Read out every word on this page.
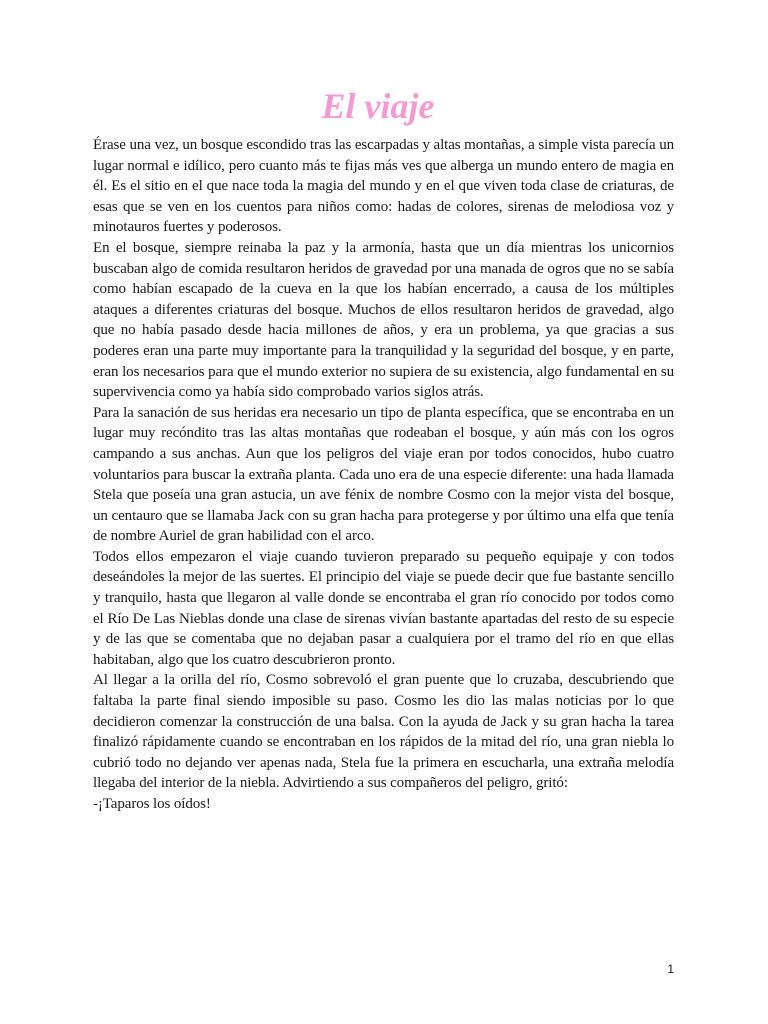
El viaje

Érase una vez, un bosque escondido tras las escarpadas y altas montañas, a simple vista parecía un lugar normal e idílico, pero cuanto más te fijas más ves que alberga un mundo entero de magia en él. Es el sitio en el que nace toda la magia del mundo y en el que viven toda clase de criaturas, de esas que se ven en los cuentos para niños como: hadas de colores, sirenas de melodiosa voz y minotauros fuertes y poderosos.

En el bosque, siempre reinaba la paz y la armonía, hasta que un día mientras los unicornios buscaban algo de comida resultaron heridos de gravedad por una manada de ogros que no se sabía como habían escapado de la cueva en la que los habían encerrado, a causa de los múltiples ataques a diferentes criaturas del bosque. Muchos de ellos resultaron heridos de gravedad, algo que no había pasado desde hacia millones de años, y era un problema, ya que gracias a sus poderes eran una parte muy importante para la tranquilidad y la seguridad del bosque, y en parte, eran los necesarios para que el mundo exterior no supiera de su existencia, algo fundamental en su supervivencia como ya había sido comprobado varios siglos atrás.

Para la sanación de sus heridas era necesario un tipo de planta específica, que se encontraba en un lugar muy recóndito tras las altas montañas que rodeaban el bosque, y aún más con los ogros campando a sus anchas. Aun que los peligros del viaje eran por todos conocidos, hubo cuatro voluntarios para buscar la extraña planta. Cada uno era de una especie diferente: una hada llamada Stela que poseía una gran astucia, un ave fénix de nombre Cosmo con la mejor vista del bosque, un centauro que se llamaba Jack con su gran hacha para protegerse y por último una elfa que tenía de nombre Auriel de gran habilidad con el arco.

Todos ellos empezaron el viaje cuando tuvieron preparado su pequeño equipaje y con todos deseándoles la mejor de las suertes. El principio del viaje se puede decir que fue bastante sencillo y tranquilo, hasta que llegaron al valle donde se encontraba el gran río conocido por todos como el Río De Las Nieblas donde una clase de sirenas vivían bastante apartadas del resto de su especie y de las que se comentaba que no dejaban pasar a cualquiera por el tramo del río en que ellas habitaban, algo que los cuatro descubrieron pronto.

Al llegar a la orilla del río, Cosmo sobrevoló el gran puente que lo cruzaba, descubriendo que faltaba la parte final siendo imposible su paso. Cosmo les dio las malas noticias por lo que decidieron comenzar la construcción de una balsa. Con la ayuda de Jack y su gran hacha la tarea finalizó rápidamente cuando se encontraban en los rápidos de la mitad del río, una gran niebla lo cubrió todo no dejando ver apenas nada, Stela fue la primera en escucharla, una extraña melodía llegaba del interior de la niebla. Advirtiendo a sus compañeros del peligro, gritó:

-¡Taparos los oídos!

1
